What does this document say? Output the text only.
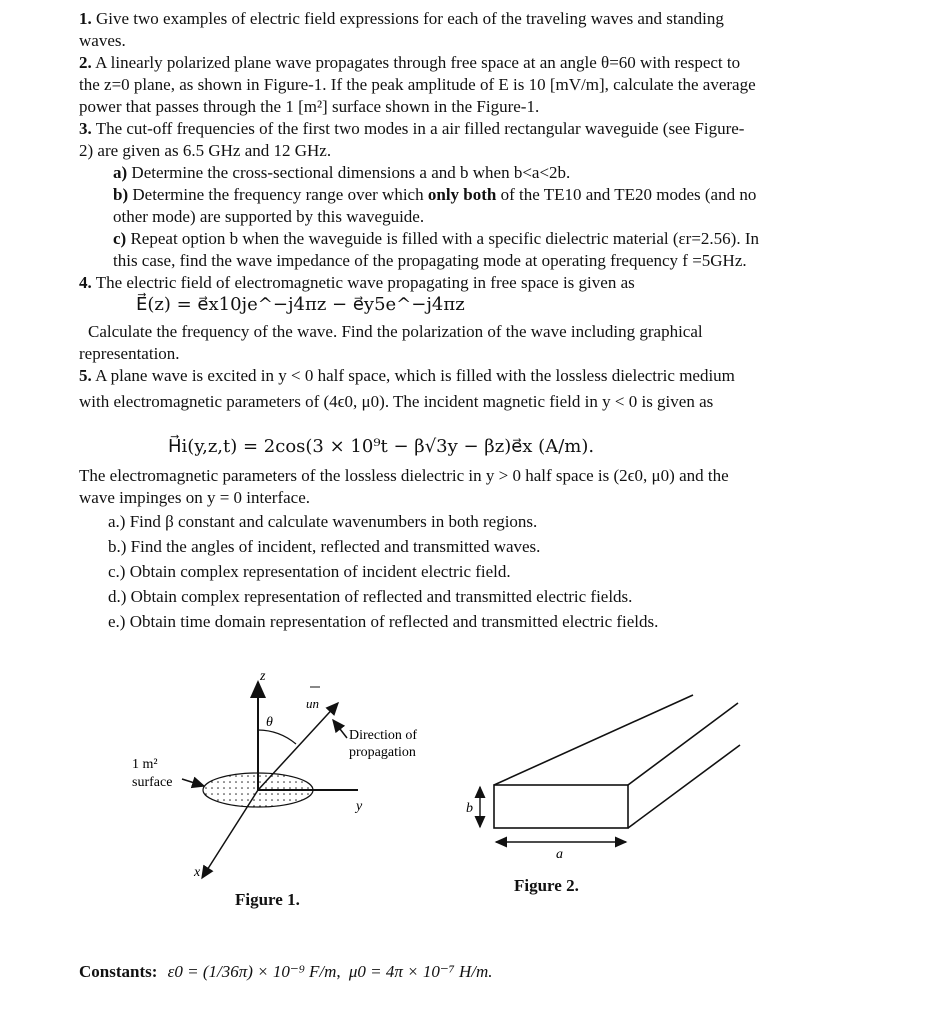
1. Give two examples of electric field expressions for each of the traveling waves and standing
waves.
2. A linearly polarized plane wave propagates through free space at an angle θ=60 with respect to
the z=0 plane, as shown in Figure-1. If the peak amplitude of E is 10 [mV/m], calculate the average
power that passes through the 1 [m²] surface shown in the Figure-1.
3. The cut-off frequencies of the first two modes in a air filled rectangular waveguide (see Figure-
2) are given as 6.5 GHz and 12 GHz.
a) Determine the cross-sectional dimensions a and b when b<a<2b.
b) Determine the frequency range over which only both of the TE10 and TE20 modes (and no
other mode) are supported by this waveguide.
c) Repeat option b when the waveguide is filled with a specific dielectric material (εr=2.56). In
this case, find the wave impedance of the propagating mode at operating frequency f =5GHz.
4. The electric field of electromagnetic wave propagating in free space is given as
E⃗(z) = e⃗x10je^−j4πz − e⃗y5e^−j4πz
Calculate the frequency of the wave. Find the polarization of the wave including graphical
representation.
5. A plane wave is excited in y < 0 half space, which is filled with the lossless dielectric medium
with electromagnetic parameters of (4ϵ0, μ0). The incident magnetic field in y < 0 is given as
H⃗i(y,z,t) = 2cos(3 × 10⁹t − β√3y − βz)e⃗x (A/m).
The electromagnetic parameters of the lossless dielectric in y > 0 half space is (2ϵ0, μ0) and the
wave impinges on y = 0 interface.
a.) Find β constant and calculate wavenumbers in both regions.
b.) Find the angles of incident, reflected and transmitted waves.
c.) Obtain complex representation of incident electric field.
d.) Obtain complex representation of reflected and transmitted electric fields.
e.) Obtain time domain representation of reflected and transmitted electric fields.
z
y
x
θ
un
Direction of
propagation
1 m²
surface
Figure 1.
b
a
Figure 2.
Constants: ε0 = (1/36π) × 10⁻⁹ F/m, μ0 = 4π × 10⁻⁷ H/m.
